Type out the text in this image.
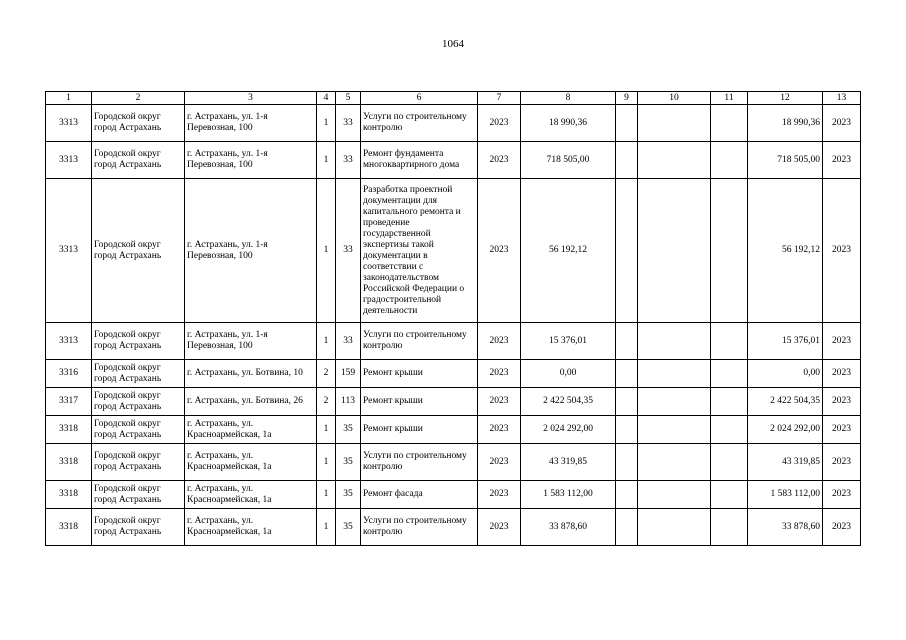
1064
1	2	3	4	5	6	7	8	9	10	11	12	13
3313	Городской округ город Астрахань	г. Астрахань, ул. 1-я Перевозная, 100	1	33	Услуги по строительному контролю	2023	18 990,36				18 990,36	2023
3313	Городской округ город Астрахань	г. Астрахань, ул. 1-я Перевозная, 100	1	33	Ремонт фундамента многоквартирного дома	2023	718 505,00				718 505,00	2023
3313	Городской округ город Астрахань	г. Астрахань, ул. 1-я Перевозная, 100	1	33	Разработка проектной документации для капитального ремонта и проведение государственной экспертизы такой документации в соответствии с законодательством Российской Федерации о градостроительной деятельности	2023	56 192,12				56 192,12	2023
3313	Городской округ город Астрахань	г. Астрахань, ул. 1-я Перевозная, 100	1	33	Услуги по строительному контролю	2023	15 376,01				15 376,01	2023
3316	Городской округ город Астрахань	г. Астрахань, ул. Ботвина, 10	2	159	Ремонт крыши	2023	0,00				0,00	2023
3317	Городской округ город Астрахань	г. Астрахань, ул. Ботвина, 26	2	113	Ремонт крыши	2023	2 422 504,35				2 422 504,35	2023
3318	Городской округ город Астрахань	г. Астрахань, ул. Красноармейская, 1а	1	35	Ремонт крыши	2023	2 024 292,00				2 024 292,00	2023
3318	Городской округ город Астрахань	г. Астрахань, ул. Красноармейская, 1а	1	35	Услуги по строительному контролю	2023	43 319,85				43 319,85	2023
3318	Городской округ город Астрахань	г. Астрахань, ул. Красноармейская, 1а	1	35	Ремонт фасада	2023	1 583 112,00				1 583 112,00	2023
3318	Городской округ город Астрахань	г. Астрахань, ул. Красноармейская, 1а	1	35	Услуги по строительному контролю	2023	33 878,60				33 878,60	2023
